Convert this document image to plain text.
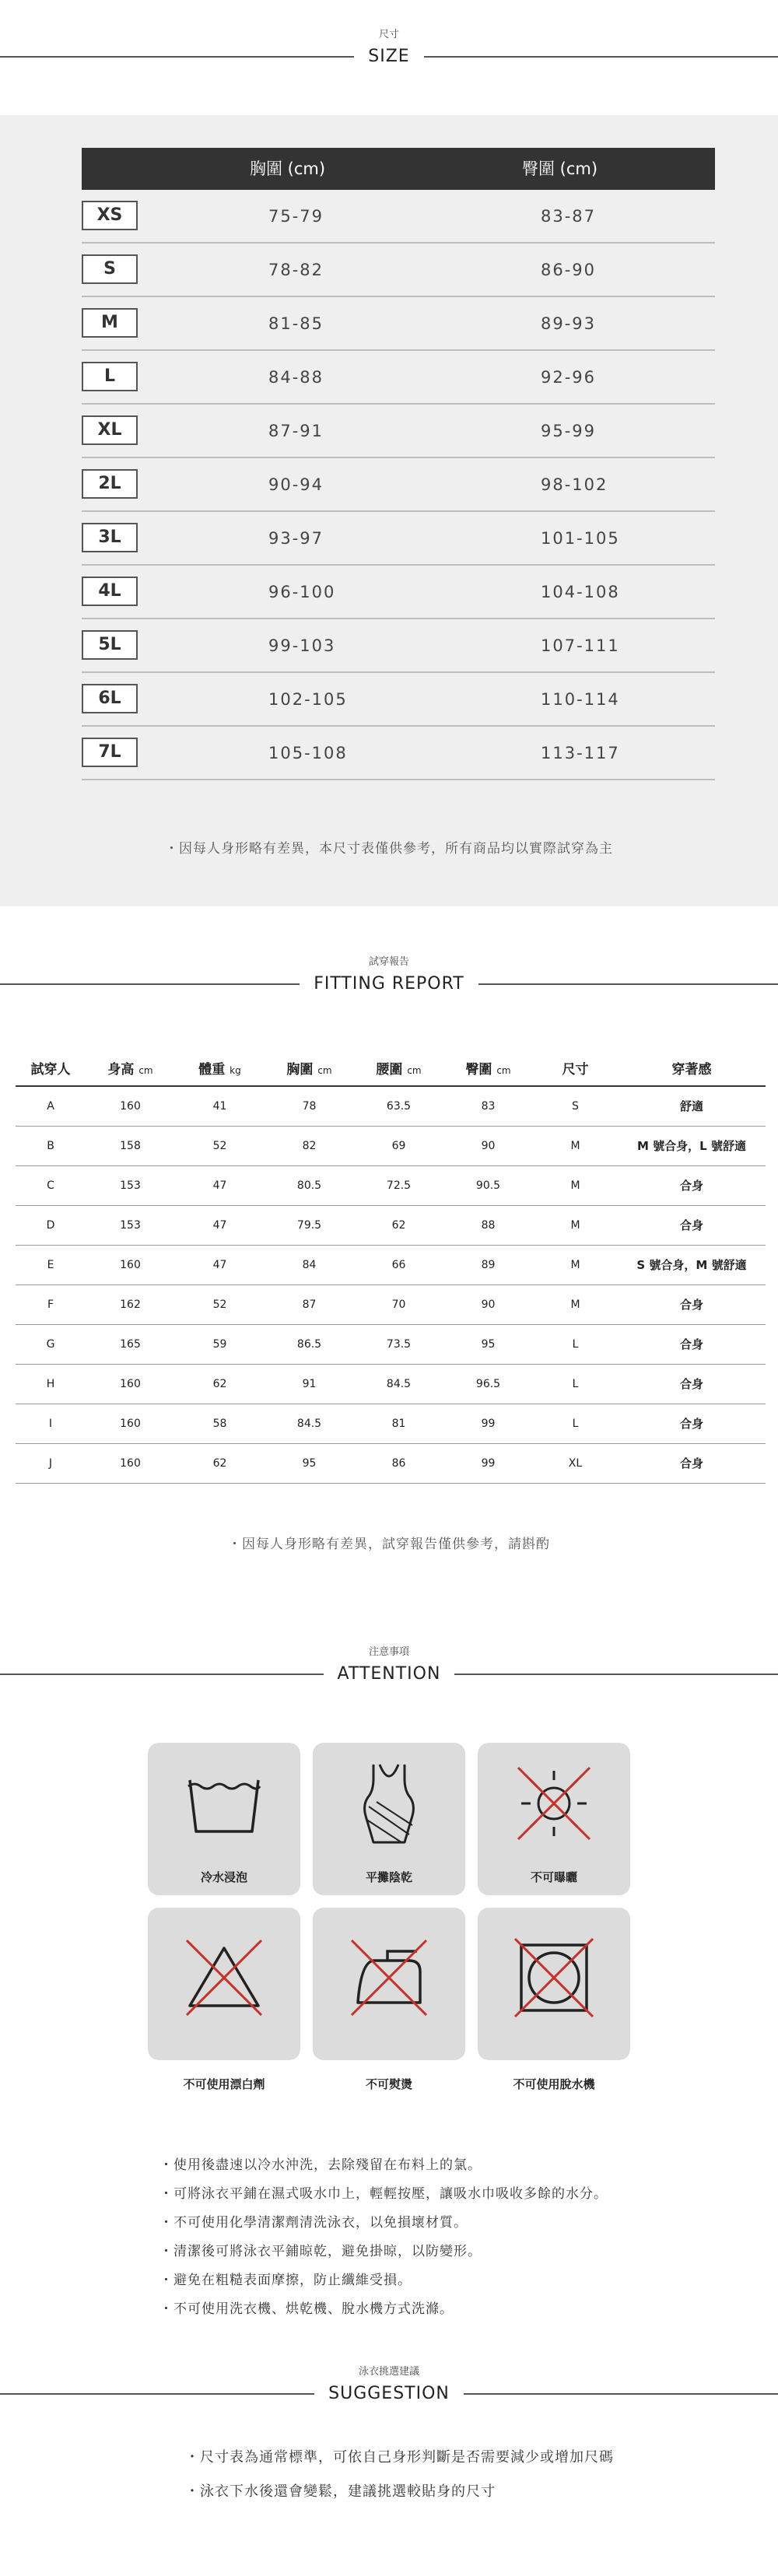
尺寸
SIZE
胸圍 (cm)	臀圍 (cm)
XS	75-79	83-87
S	78-82	86-90
M	81-85	89-93
L	84-88	92-96
XL	87-91	95-99
2L	90-94	98-102
3L	93-97	101-105
4L	96-100	104-108
5L	99-103	107-111
6L	102-105	110-114
7L	105-108	113-117
・因每人身形略有差異，本尺寸表僅供參考，所有商品均以實際試穿為主
試穿報告
FITTING REPORT
試穿人	身高 cm	體重 kg	胸圍 cm	腰圍 cm	臀圍 cm	尺寸	穿著感
A	160	41	78	63.5	83	S	舒適
B	158	52	82	69	90	M	M 號合身，L 號舒適
C	153	47	80.5	72.5	90.5	M	合身
D	153	47	79.5	62	88	M	合身
E	160	47	84	66	89	M	S 號合身，M 號舒適
F	162	52	87	70	90	M	合身
G	165	59	86.5	73.5	95	L	合身
H	160	62	91	84.5	96.5	L	合身
I	160	58	84.5	81	99	L	合身
J	160	62	95	86	99	XL	合身
・因每人身形略有差異，試穿報告僅供參考，請斟酌
注意事項
ATTENTION
冷水浸泡	平攤陰乾	不可曝曬
不可使用漂白劑	不可熨燙	不可使用脫水機
・使用後盡速以冷水沖洗，去除殘留在布料上的氯。
・可將泳衣平鋪在濕式吸水巾上，輕輕按壓，讓吸水巾吸收多餘的水分。
・不可使用化學清潔劑清洗泳衣，以免損壞材質。
・清潔後可將泳衣平鋪晾乾，避免掛晾，以防變形。
・避免在粗糙表面摩擦，防止纖維受損。
・不可使用洗衣機、烘乾機、脫水機方式洗滌。
泳衣挑選建議
SUGGESTION
・尺寸表為通常標準，可依自己身形判斷是否需要減少或增加尺碼
・泳衣下水後還會變鬆，建議挑選較貼身的尺寸
